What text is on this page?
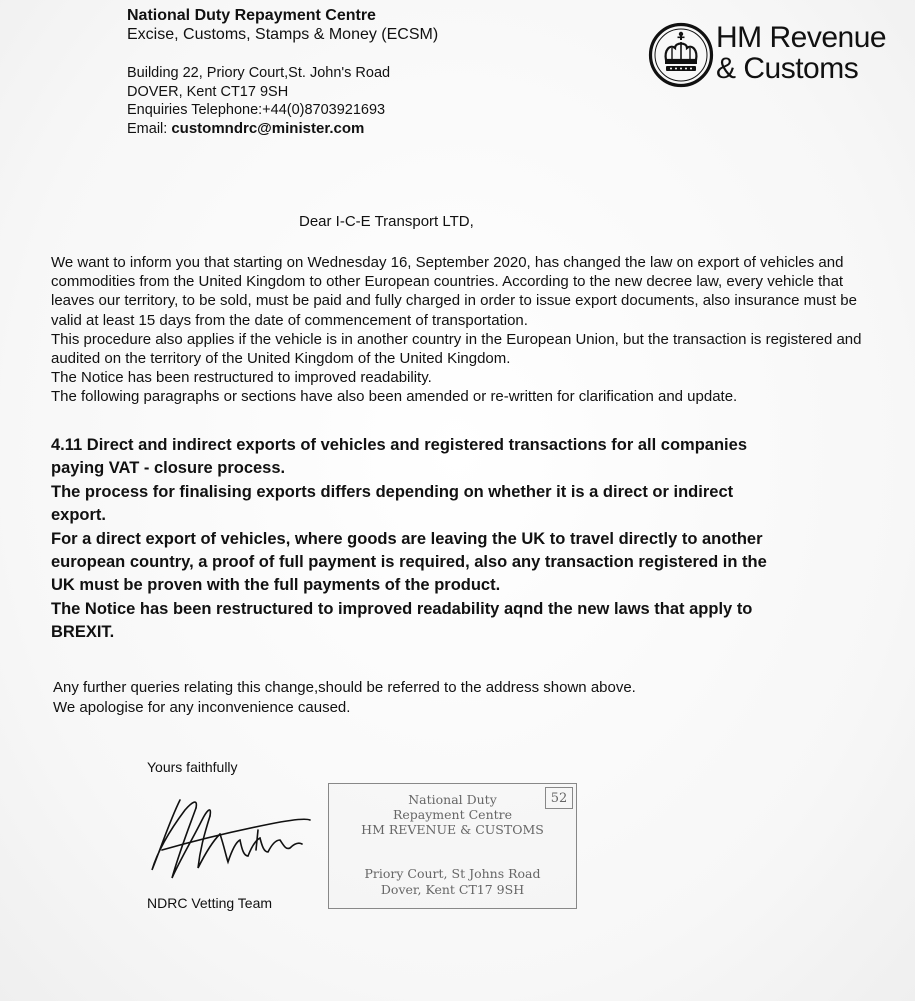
National Duty Repayment Centre
Excise, Customs, Stamps & Money (ECSM)
Building 22, Priory Court,St. John's Road
DOVER, Kent CT17 9SH
Enquiries Telephone:+44(0)8703921693
Email: customndrc@minister.com
HM Revenue
& Customs
Dear I-C-E Transport LTD,

We want to inform you that starting on Wednesday 16, September 2020, has changed the law on export of vehicles and commodities from the United Kingdom to other European countries. According to the new decree law, every vehicle that leaves our territory, to be sold, must be paid and fully charged in order to issue export documents, also insurance must be valid at least 15 days from the date of commencement of transportation.

This procedure also applies if the vehicle is in another country in the European Union, but the transaction is registered and audited on the territory of the United Kingdom of the United Kingdom.

The Notice has been restructured to improved readability.

The following paragraphs or sections have also been amended or re-written for clarification and update.

4.11 Direct and indirect exports of vehicles and registered transactions for all companies paying VAT - closure process.

The process for finalising exports differs depending on whether it is a direct or indirect export.

For a direct export of vehicles, where goods are leaving the UK to travel directly to another european country, a proof of full payment is required, also any transaction registered in the UK must be proven with the full payments of the product.

The Notice has been restructured to improved readability aqnd the new laws that apply to BREXIT.

Any further queries relating this change,should be referred to the address shown above.

We apologise for any inconvenience caused.

Yours faithfully
NDRC Vetting Team
52
National Duty
Repayment Centre
HM REVENUE & CUSTOMS
Priory Court, St Johns Road
Dover, Kent CT17 9SH
